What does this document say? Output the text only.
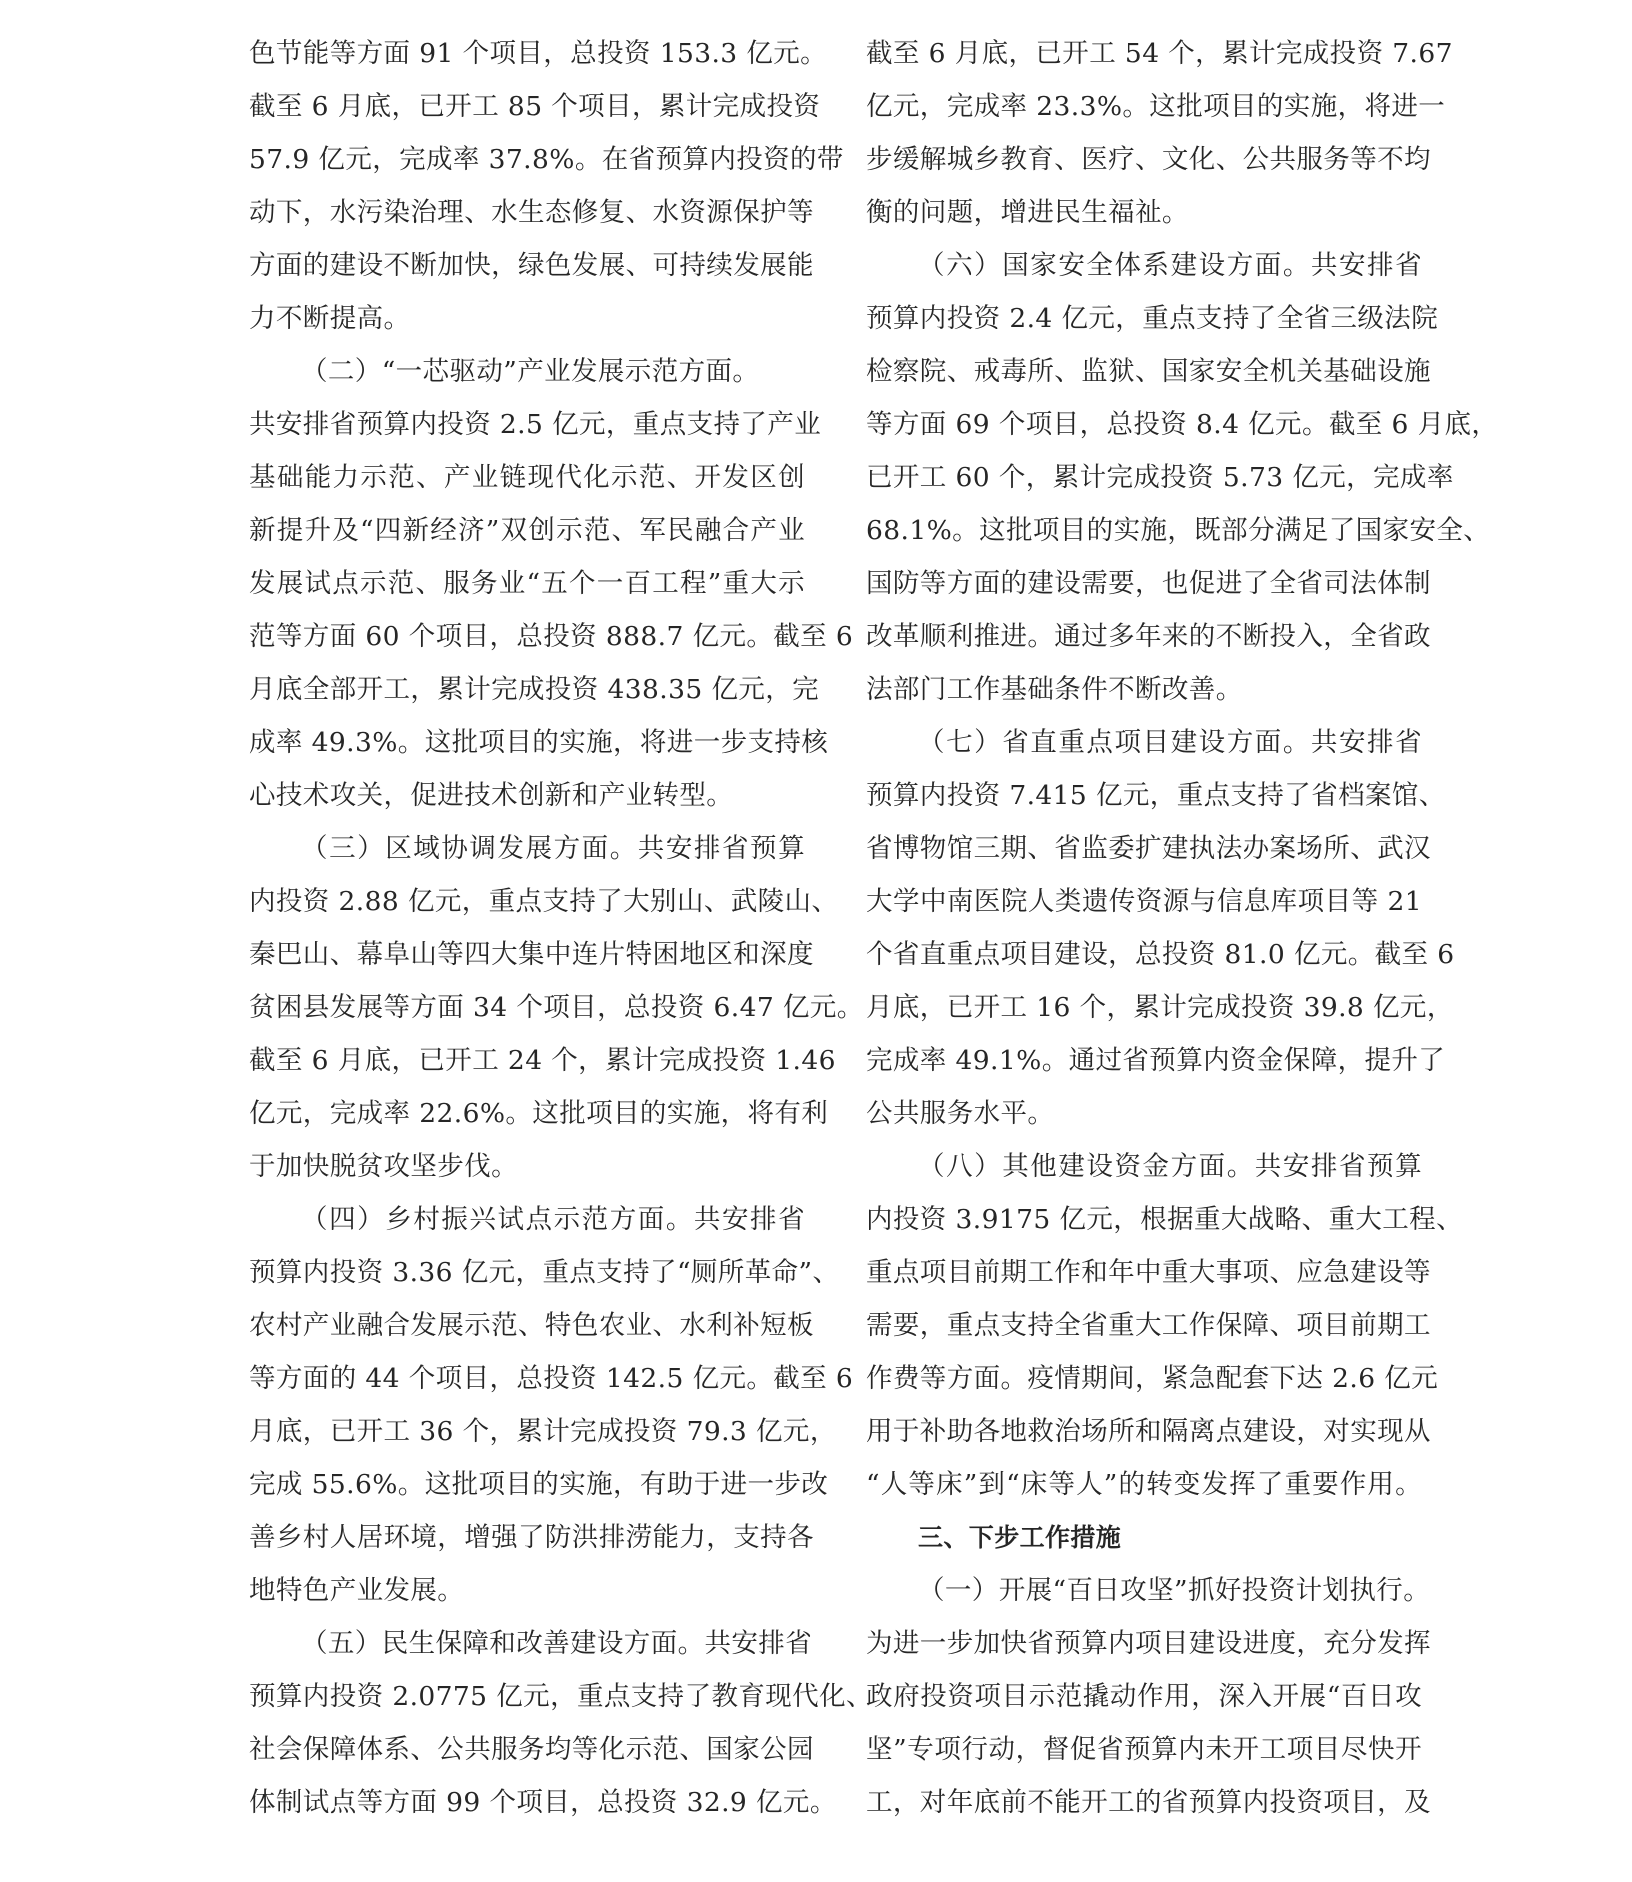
色节能等方面 91 个项目，总投资 153.3 亿元。
截至 6 月底，已开工 85 个项目，累计完成投资
57.9 亿元，完成率 37.8%。在省预算内投资的带
动下，水污染治理、水生态修复、水资源保护等
方面的建设不断加快，绿色发展、可持续发展能
力不断提高。
（二）“一芯驱动”产业发展示范方面。
共安排省预算内投资 2.5 亿元，重点支持了产业
基础能力示范、产业链现代化示范、开发区创
新提升及“四新经济”双创示范、军民融合产业
发展试点示范、服务业“五个一百工程”重大示
范等方面 60 个项目，总投资 888.7 亿元。截至 6
月底全部开工，累计完成投资 438.35 亿元，完
成率 49.3%。这批项目的实施，将进一步支持核
心技术攻关，促进技术创新和产业转型。
（三）区域协调发展方面。共安排省预算
内投资 2.88 亿元，重点支持了大别山、武陵山、
秦巴山、幕阜山等四大集中连片特困地区和深度
贫困县发展等方面 34 个项目，总投资 6.47 亿元。
截至 6 月底，已开工 24 个，累计完成投资 1.46
亿元，完成率 22.6%。这批项目的实施，将有利
于加快脱贫攻坚步伐。
（四）乡村振兴试点示范方面。共安排省
预算内投资 3.36 亿元，重点支持了“厕所革命”、
农村产业融合发展示范、特色农业、水利补短板
等方面的 44 个项目，总投资 142.5 亿元。截至 6
月底，已开工 36 个，累计完成投资 79.3 亿元，
完成 55.6%。这批项目的实施，有助于进一步改
善乡村人居环境，增强了防洪排涝能力，支持各
地特色产业发展。
（五）民生保障和改善建设方面。共安排省
预算内投资 2.0775 亿元，重点支持了教育现代化、
社会保障体系、公共服务均等化示范、国家公园
体制试点等方面 99 个项目，总投资 32.9 亿元。
截至 6 月底，已开工 54 个，累计完成投资 7.67
亿元，完成率 23.3%。这批项目的实施，将进一
步缓解城乡教育、医疗、文化、公共服务等不均
衡的问题，增进民生福祉。
（六）国家安全体系建设方面。共安排省
预算内投资 2.4 亿元，重点支持了全省三级法院
检察院、戒毒所、监狱、国家安全机关基础设施
等方面 69 个项目，总投资 8.4 亿元。截至 6 月底，
已开工 60 个，累计完成投资 5.73 亿元，完成率
68.1%。这批项目的实施，既部分满足了国家安全、
国防等方面的建设需要，也促进了全省司法体制
改革顺利推进。通过多年来的不断投入，全省政
法部门工作基础条件不断改善。
（七）省直重点项目建设方面。共安排省
预算内投资 7.415 亿元，重点支持了省档案馆、
省博物馆三期、省监委扩建执法办案场所、武汉
大学中南医院人类遗传资源与信息库项目等 21
个省直重点项目建设，总投资 81.0 亿元。截至 6
月底，已开工 16 个，累计完成投资 39.8 亿元，
完成率 49.1%。通过省预算内资金保障，提升了
公共服务水平。
（八）其他建设资金方面。共安排省预算
内投资 3.9175 亿元，根据重大战略、重大工程、
重点项目前期工作和年中重大事项、应急建设等
需要，重点支持全省重大工作保障、项目前期工
作费等方面。疫情期间，紧急配套下达 2.6 亿元
用于补助各地救治场所和隔离点建设，对实现从
“人等床”到“床等人”的转变发挥了重要作用。
三、下步工作措施
（一）开展“百日攻坚”抓好投资计划执行。
为进一步加快省预算内项目建设进度，充分发挥
政府投资项目示范撬动作用，深入开展“百日攻
坚”专项行动，督促省预算内未开工项目尽快开
工，对年底前不能开工的省预算内投资项目，及
